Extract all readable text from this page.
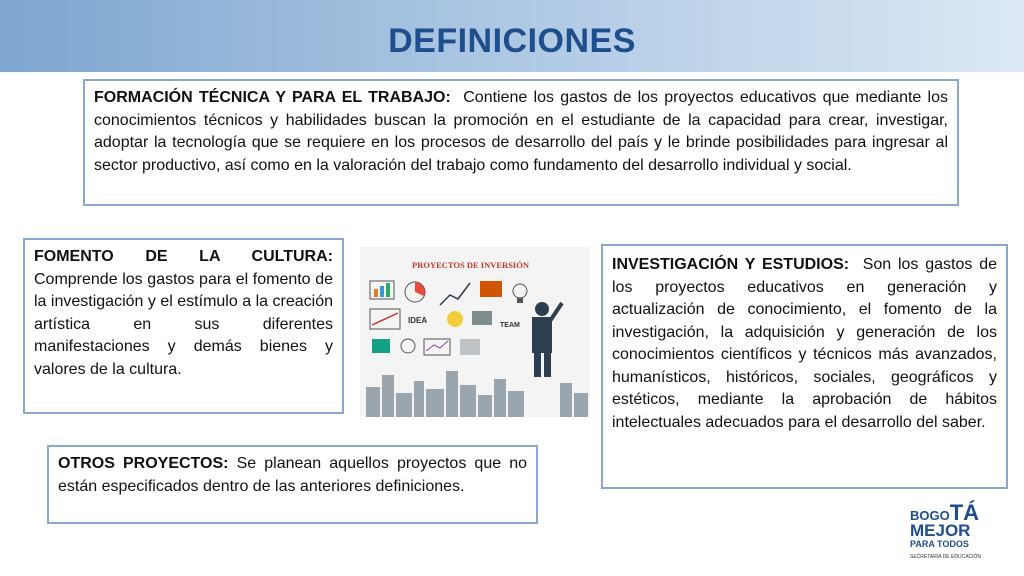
DEFINICIONES
FORMACIÓN TÉCNICA Y PARA EL TRABAJO: Contiene los gastos de los proyectos educativos que mediante los conocimientos técnicos y habilidades buscan la promoción en el estudiante de la capacidad para crear, investigar, adoptar la tecnología que se requiere en los procesos de desarrollo del país y le brinde posibilidades para ingresar al sector productivo, así como en la valoración del trabajo como fundamento del desarrollo individual y social.
FOMENTO DE LA CULTURA: Comprende los gastos para el fomento de la investigación y el estímulo a la creación artística en sus diferentes manifestaciones y demás bienes y valores de la cultura.
INVESTIGACIÓN Y ESTUDIOS: Son los gastos de los proyectos educativos en generación y actualización de conocimiento, el fomento de la investigación, la adquisición y generación de los conocimientos científicos y técnicos más avanzados, humanísticos, históricos, sociales, geográficos y estéticos, mediante la aprobación de hábitos intelectuales adecuados para el desarrollo del saber.
OTROS PROYECTOS: Se planean aquellos proyectos que no están especificados dentro de las anteriores definiciones.
PROYECTOS DE INVERSIÓN
IDEA
TEAM
BOGOTÁ
MEJOR
PARA TODOS
SECRETARÍA DE EDUCACIÓN
